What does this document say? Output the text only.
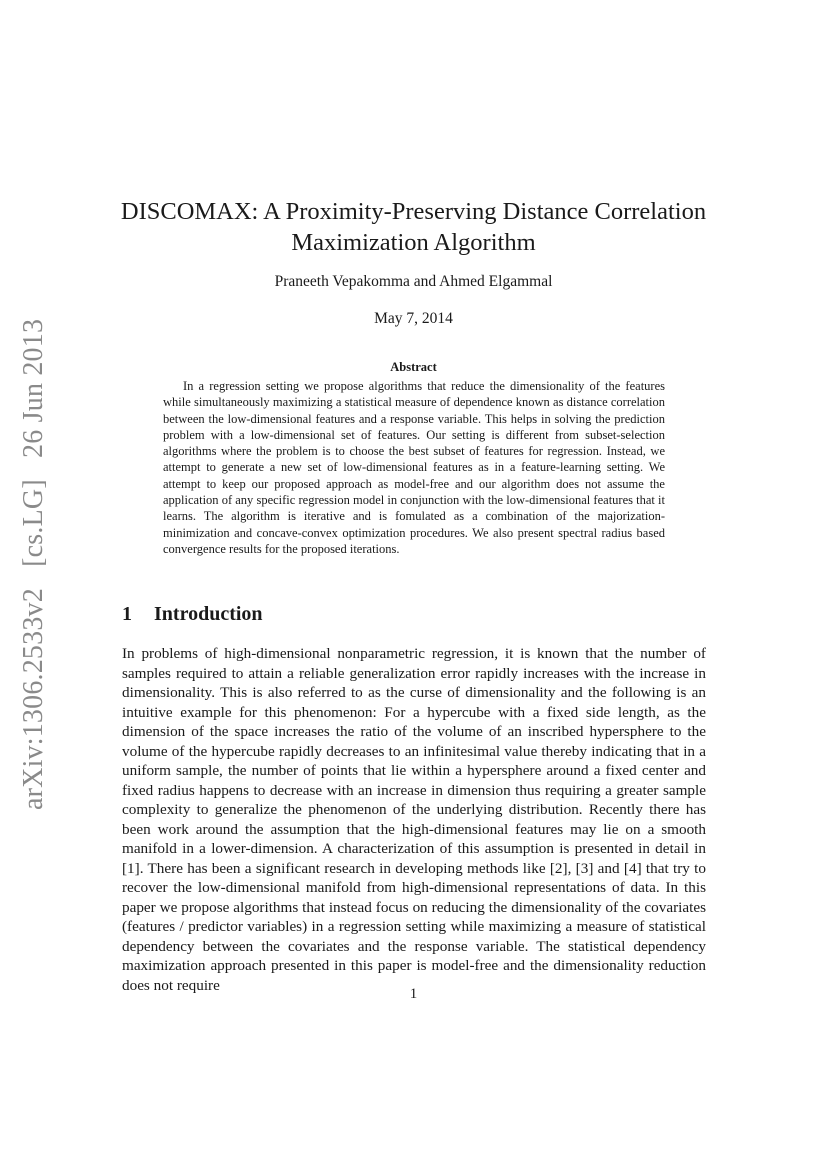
arXiv:1306.2533v2 [cs.LG] 26 Jun 2013
DISCOMAX: A Proximity-Preserving Distance Correlation Maximization Algorithm
Praneeth Vepakomma and Ahmed Elgammal
May 7, 2014
Abstract

In a regression setting we propose algorithms that reduce the dimensionality of the features while simultaneously maximizing a statistical measure of dependence known as distance correlation between the low-dimensional features and a response variable. This helps in solving the prediction problem with a low-dimensional set of features. Our setting is different from subset-selection algorithms where the problem is to choose the best subset of features for regression. Instead, we attempt to generate a new set of low-dimensional features as in a feature-learning setting. We attempt to keep our proposed approach as model-free and our algorithm does not assume the application of any specific regression model in conjunction with the low-dimensional features that it learns. The algorithm is iterative and is fomulated as a combination of the majorization-minimization and concave-convex optimization procedures. We also present spectral radius based convergence results for the proposed iterations.

1 Introduction

In problems of high-dimensional nonparametric regression, it is known that the number of samples required to attain a reliable generalization error rapidly increases with the increase in dimensionality. This is also referred to as the curse of dimensionality and the following is an intuitive example for this phenomenon: For a hypercube with a fixed side length, as the dimension of the space increases the ratio of the volume of an inscribed hypersphere to the volume of the hypercube rapidly decreases to an infinitesimal value thereby indicating that in a uniform sample, the number of points that lie within a hypersphere around a fixed center and fixed radius happens to decrease with an increase in dimension thus requiring a greater sample complexity to generalize the phenomenon of the underlying distribution. Recently there has been work around the assumption that the high-dimensional features may lie on a smooth manifold in a lower-dimension. A characterization of this assumption is presented in detail in [1]. There has been a significant research in developing methods like [2], [3] and [4] that try to recover the low-dimensional manifold from high-dimensional representations of data. In this paper we propose algorithms that instead focus on reducing the dimensionality of the covariates (features / predictor variables) in a regression setting while maximizing a measure of statistical dependency between the covariates and the response variable. The statistical dependency maximization approach presented in this paper is model-free and the dimensionality reduction does not require

1
